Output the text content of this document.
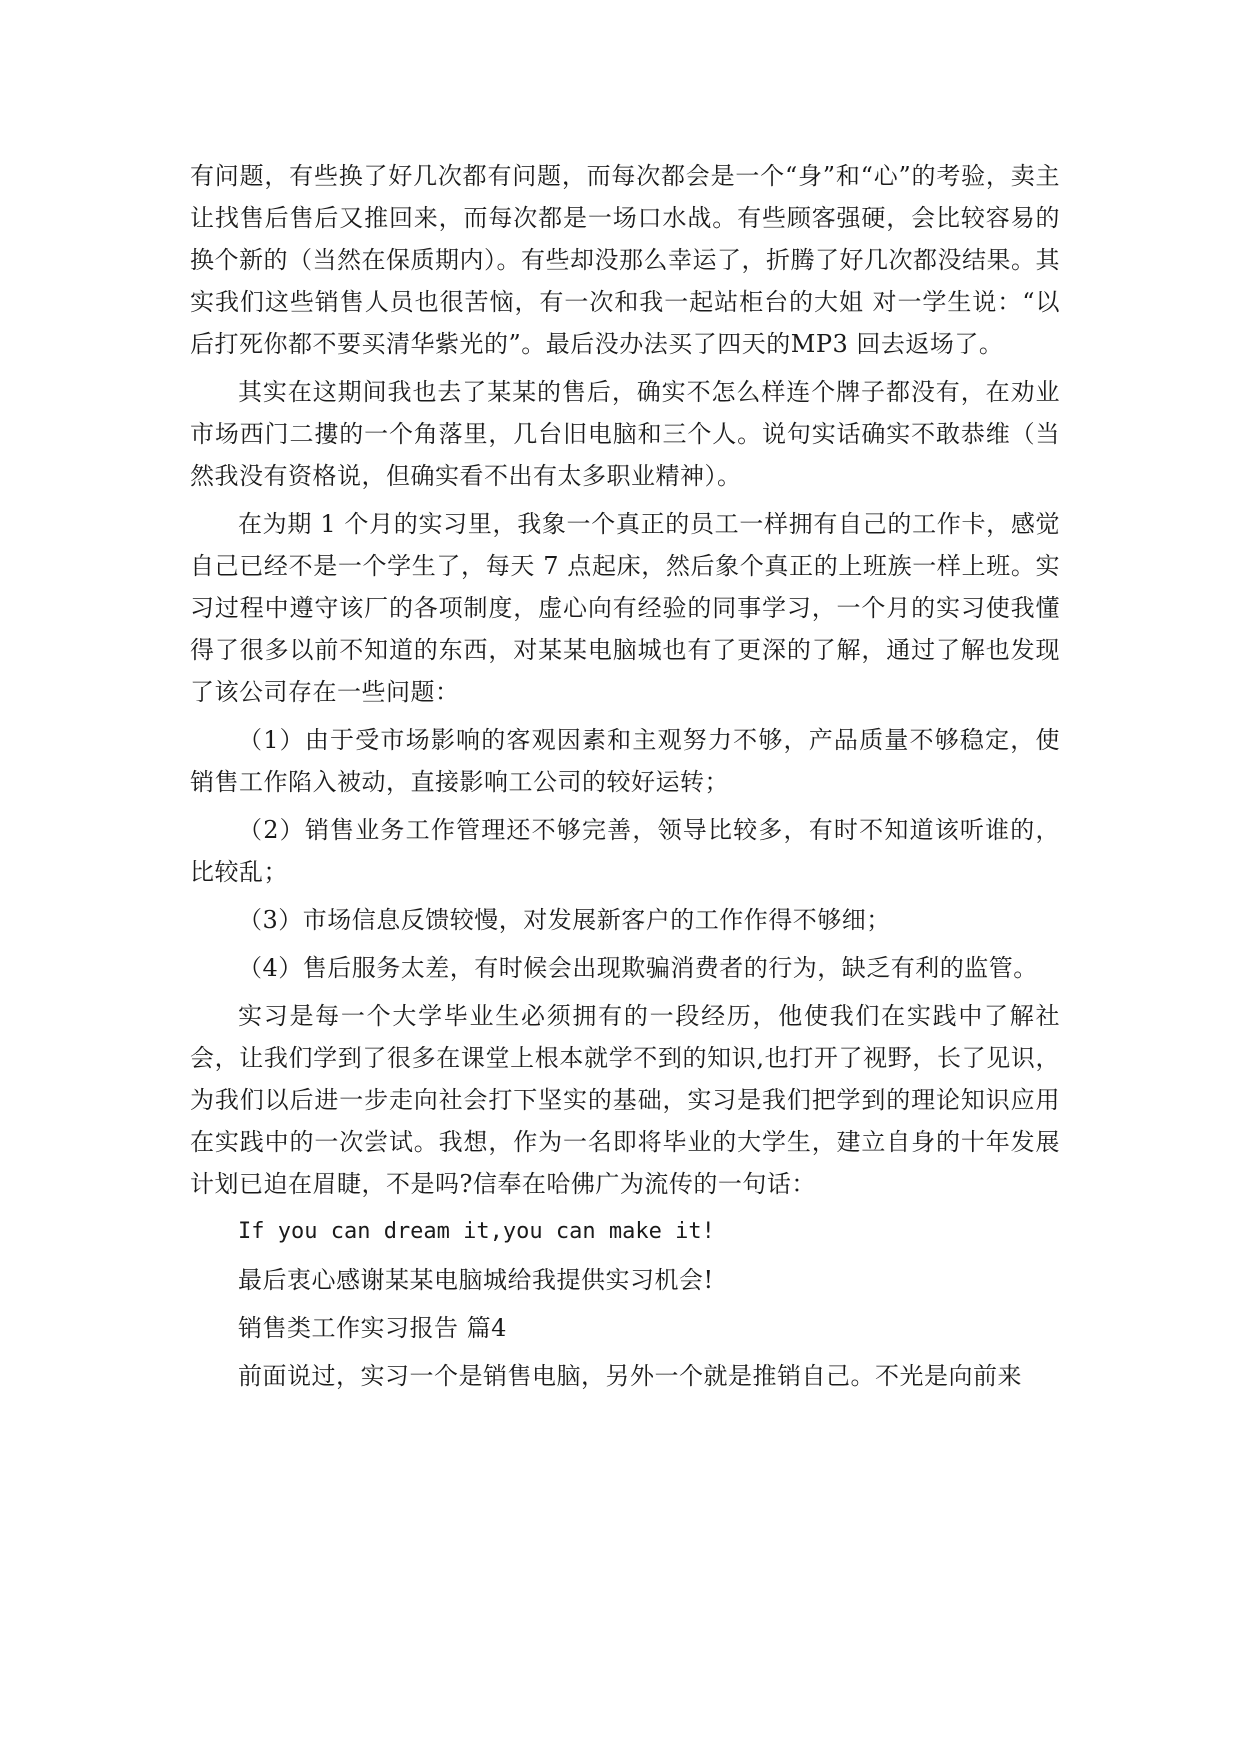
有问题，有些换了好几次都有问题，而每次都会是一个“身”和“心”的考验，卖主让找售后售后又推回来，而每次都是一场口水战。有些顾客强硬，会比较容易的换个新的（当然在保质期内）。有些却没那么幸运了，折腾了好几次都没结果。其实我们这些销售人员也很苦恼，有一次和我一起站柜台的大姐 对一学生说：“以后打死你都不要买清华紫光的”。最后没办法买了四天的MP3 回去返场了。

其实在这期间我也去了某某的售后，确实不怎么样连个牌子都没有，在劝业市场西门二摟的一个角落里，几台旧电脑和三个人。说句实话确实不敢恭维（当然我没有资格说，但确实看不出有太多职业精神）。

在为期 1 个月的实习里，我象一个真正的员工一样拥有自己的工作卡，感觉自己已经不是一个学生了，每天 7 点起床，然后象个真正的上班族一样上班。实习过程中遵守该厂的各项制度，虚心向有经验的同事学习，一个月的实习使我懂得了很多以前不知道的东西，对某某电脑城也有了更深的了解，通过了解也发现了该公司存在一些问题：

（1）由于受市场影响的客观因素和主观努力不够，产品质量不够稳定，使销售工作陷入被动，直接影响工公司的较好运转；

（2）销售业务工作管理还不够完善，领导比较多，有时不知道该听谁的，比较乱；

（3）市场信息反馈较慢，对发展新客户的工作作得不够细；

（4）售后服务太差，有时候会出现欺骗消费者的行为，缺乏有利的监管。

实习是每一个大学毕业生必须拥有的一段经历，他使我们在实践中了解社会，让我们学到了很多在课堂上根本就学不到的知识,也打开了视野，长了见识，为我们以后进一步走向社会打下坚实的基础，实习是我们把学到的理论知识应用在实践中的一次尝试。我想，作为一名即将毕业的大学生，建立自身的十年发展计划已迫在眉睫，不是吗?信奉在哈佛广为流传的一句话：

If you can dream it,you can make it!

最后衷心感谢某某电脑城给我提供实习机会!

销售类工作实习报告 篇4

前面说过，实习一个是销售电脑，另外一个就是推销自己。不光是向前来
